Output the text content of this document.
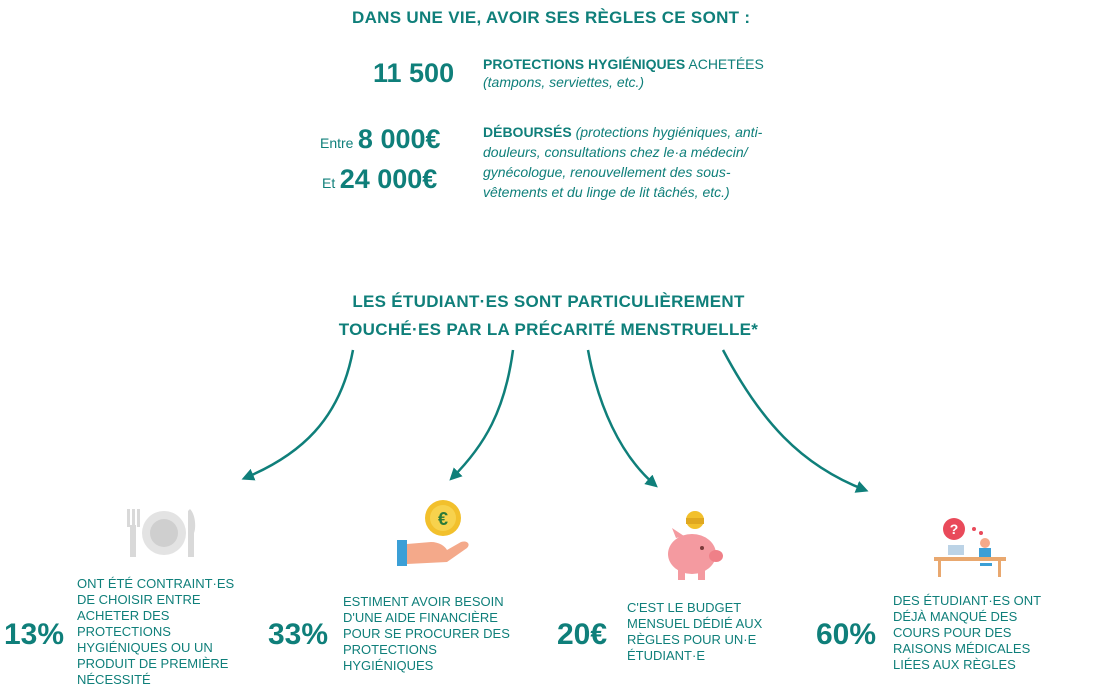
DANS UNE VIE, AVOIR SES RÈGLES CE SONT :
11 500 PROTECTIONS HYGIÉNIQUES ACHETÉES
(tampons, serviettes, etc.)
Entre 8 000€
Et 24 000€
DÉBOURSÉS (protections hygiéniques, anti-
douleurs, consultations chez le·a médecin/
gynécologue, renouvellement des sous-
vêtements et du linge de lit tâchés, etc.)
LES ÉTUDIANT·ES SONT PARTICULIÈREMENT
TOUCHÉ·ES PAR LA PRÉCARITÉ MENSTRUELLE*
€	?
13%
ONT ÉTÉ CONTRAINT·ES
DE CHOISIR ENTRE
ACHETER DES
PROTECTIONS
HYGIÉNIQUES OU UN
PRODUIT DE PREMIÈRE
NÉCESSITÉ
33%
ESTIMENT AVOIR BESOIN
D'UNE AIDE FINANCIÈRE
POUR SE PROCURER DES
PROTECTIONS
HYGIÉNIQUES
20€
C'EST LE BUDGET
MENSUEL DÉDIÉ AUX
RÈGLES POUR UN·E
ÉTUDIANT·E
60%
DES ÉTUDIANT·ES ONT
DÉJÀ MANQUÉ DES
COURS POUR DES
RAISONS MÉDICALES
LIÉES AUX RÈGLES
